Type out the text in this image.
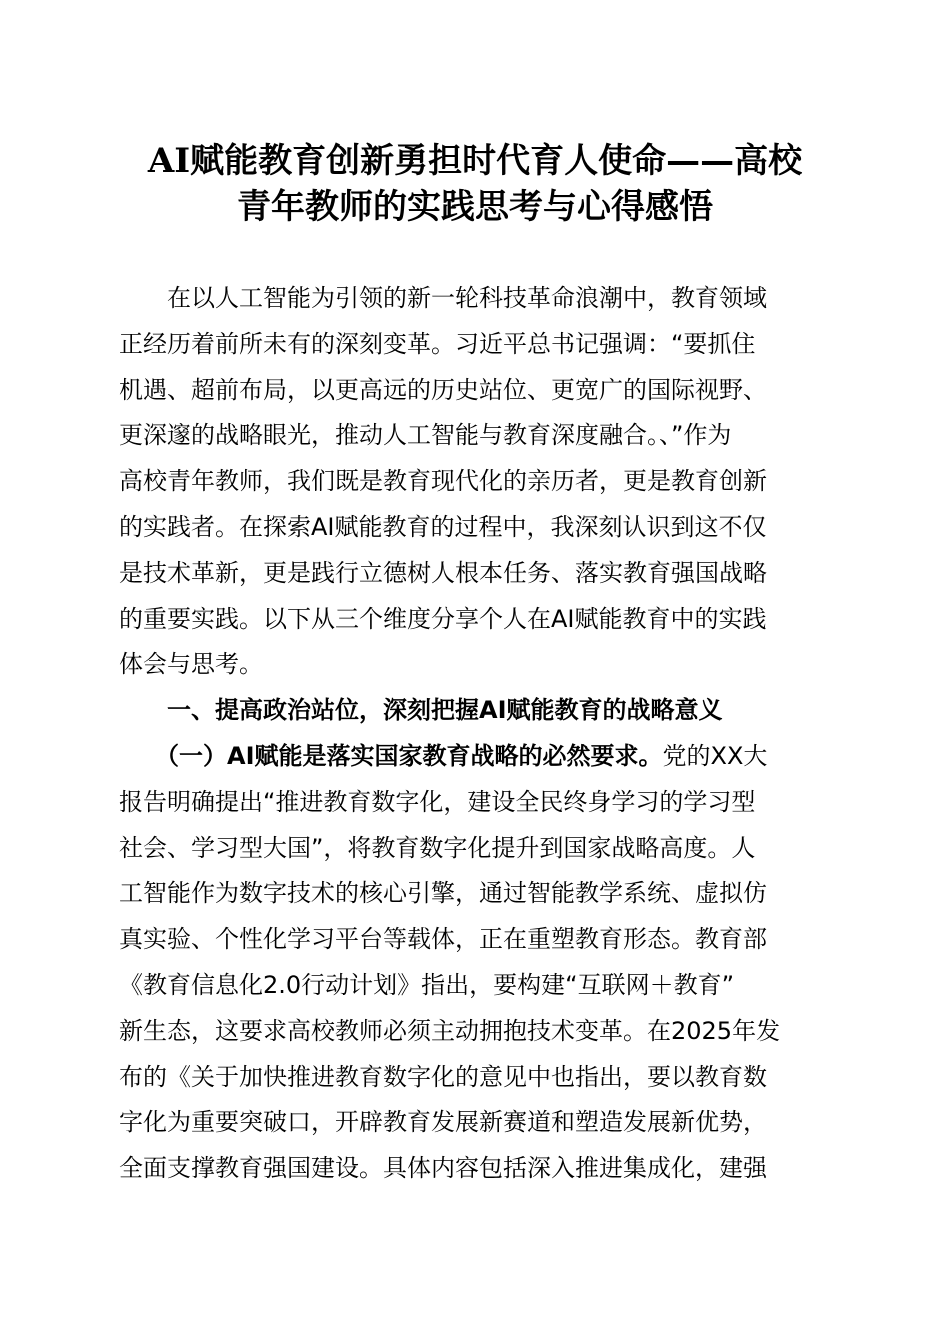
AI赋能教育创新勇担时代育人使命——高校
青年教师的实践思考与心得感悟
　　在以人工智能为引领的新一轮科技革命浪潮中，教育领域
正经历着前所未有的深刻变革。习近平总书记强调：“要抓住
机遇、超前布局，以更高远的历史站位、更宽广的国际视野、
更深邃的战略眼光，推动人工智能与教育深度融合。、”作为
高校青年教师，我们既是教育现代化的亲历者，更是教育创新
的实践者。在探索AI赋能教育的过程中，我深刻认识到这不仅
是技术革新，更是践行立德树人根本任务、落实教育强国战略
的重要实践。以下从三个维度分享个人在AI赋能教育中的实践
体会与思考。
　　一、提高政治站位，深刻把握AI赋能教育的战略意义
　　（一）AI赋能是落实国家教育战略的必然要求。党的XX大
报告明确提出“推进教育数字化，建设全民终身学习的学习型
社会、学习型大国”，将教育数字化提升到国家战略高度。人
工智能作为数字技术的核心引擎，通过智能教学系统、虚拟仿
真实验、个性化学习平台等载体，正在重塑教育形态。教育部
《教育信息化2.0行动计划》指出，要构建“互联网＋教育”
新生态，这要求高校教师必须主动拥抱技术变革。在2025年发
布的《关于加快推进教育数字化的意见中也指出，要以教育数
字化为重要突破口，开辟教育发展新赛道和塑造发展新优势，
全面支撑教育强国建设。具体内容包括深入推进集成化，建强
